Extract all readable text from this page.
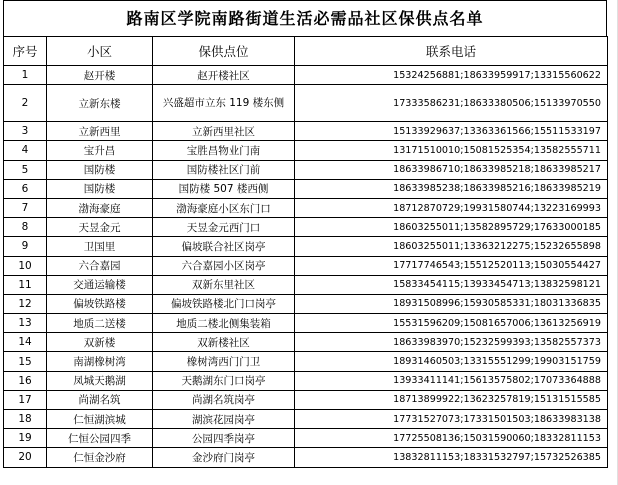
路南区学院南路街道生活必需品社区保供点名单
序号	小区	保供点位	联系电话
1	赵开楼	赵开楼社区	15324256881;18633959917;13315560622
2	立新东楼	兴盛超市立东 119 楼东侧	17333586231;18633380506;15133970550
3	立新西里	立新西里社区	15133929637;13363361566;15511533197
4	宝升昌	宝胜昌物业门南	13171510010;15081525354;13582555711
5	国防楼	国防楼社区门前	18633986710;18633985218;18633985217
6	国防楼	国防楼 507 楼西侧	18633985238;18633985216;18633985219
7	渤海豪庭	渤海豪庭小区东门口	18712870729;19931580744;13223169993
8	天昱金元	天昱金元西门口	18603255011;13582895729;17633000185
9	卫国里	偏坡联合社区岗亭	18603255011;13363212275;15232655898
10	六合嘉园	六合嘉园小区岗亭	17717746543;15512520113;15030554427
11	交通运输楼	双新东里社区	15833454115;13933454713;13832598121
12	偏坡铁路楼	偏坡铁路楼北门口岗亭	18931508996;15930585331;18031336835
13	地质二送楼	地质二楼北侧集装箱	15531596209;15081657006;13613256919
14	双新楼	双新楼社区	18633983970;15232599393;13582557373
15	南湖橡树湾	橡树湾西门门卫	18931460503;13315551299;19903151759
16	凤城天鹅湖	天鹅湖东门口岗亭	13933411141;15613575802;17073364888
17	尚湖名筑	尚湖名筑岗亭	18713899922;13623257819;15131515585
18	仁恒湖滨城	湖滨花园岗亭	17731527073;17331501503;18633983138
19	仁恒公园四季	公园四季岗亭	17725508136;15031590060;18332811153
20	仁恒金沙府	金沙府门岗亭	13832811153;18331532797;15732526385
